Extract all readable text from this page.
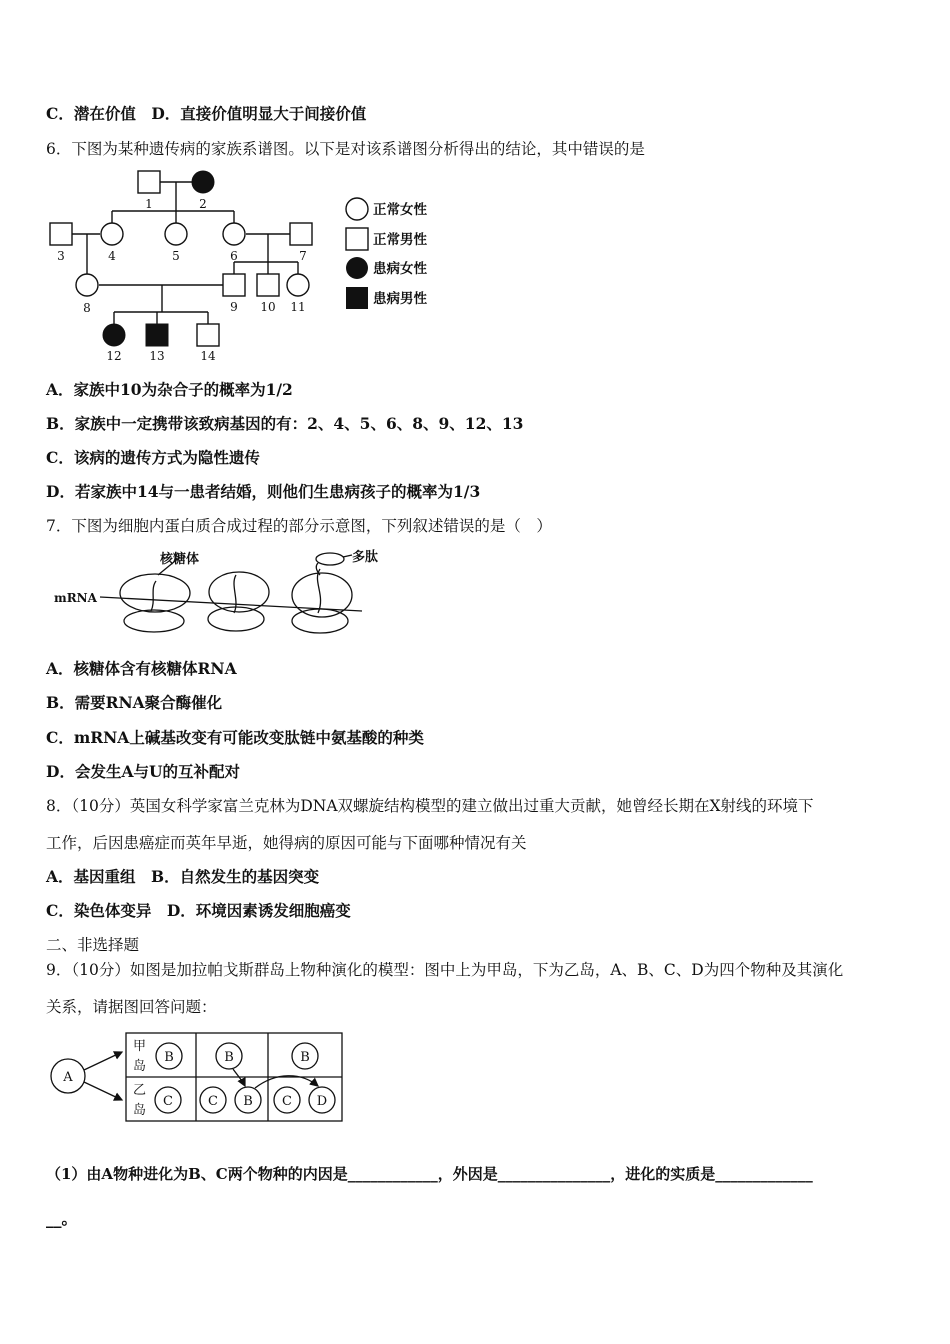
C．潜在价值　D．直接价值明显大于间接价值
6．下图为某种遗传病的家族系谱图。以下是对该系谱图分析得出的结论，其中错误的是
1	2
3	4	5	6	7
8	9 10 11
12 13	14
正常女性
正常男性
患病女性
患病男性
A．家族中10为杂合子的概率为1/2
B．家族中一定携带该致病基因的有：2、4、5、6、8、9、12、13
C．该病的遗传方式为隐性遗传
D．若家族中14与一患者结婚，则他们生患病孩子的概率为1/3
7．下图为细胞内蛋白质合成过程的部分示意图，下列叙述错误的是（　）
核糖体	多肽
mRNA
A．核糖体含有核糖体RNA
B．需要RNA聚合酶催化
C．mRNA上碱基改变有可能改变肽链中氨基酸的种类
D．会发生A与U的互补配对
8．（10分）英国女科学家富兰克林为DNA双螺旋结构模型的建立做出过重大贡献，她曾经长期在X射线的环境下
工作，后因患癌症而英年早逝，她得病的原因可能与下面哪种情况有关
A．基因重组　B．自然发生的基因突变
C．染色体变异　D．环境因素诱发细胞癌变
二、非选择题
9．（10分）如图是加拉帕戈斯群岛上物种演化的模型：图中上为甲岛，下为乙岛，A、B、C、D为四个物种及其演化
关系，请据图回答问题：
甲
岛
乙
岛
A
B
C
B
C B
B
C D
（1）由A物种进化为B、C两个物种的内因是____________，外因是_______________，进化的实质是_____________
__。
